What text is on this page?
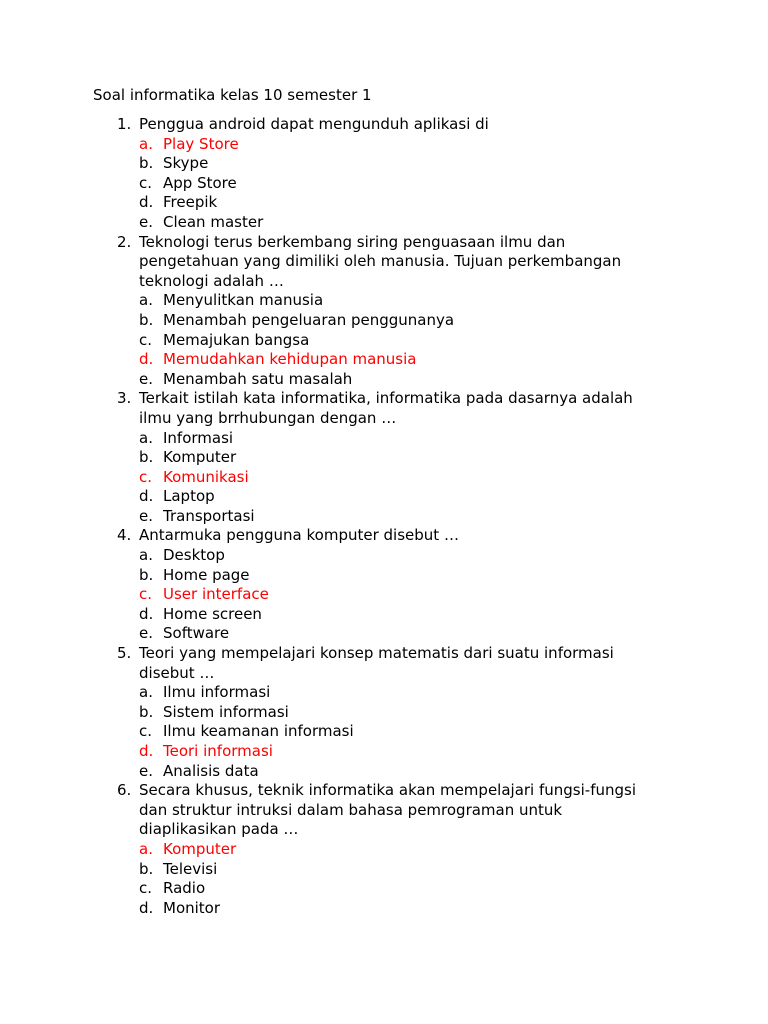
Soal informatika kelas 10 semester 1
1. Penggua android dapat mengunduh aplikasi di
a. Play Store
b. Skype
c. App Store
d. Freepik
e. Clean master
2. Teknologi terus berkembang siring penguasaan ilmu dan
pengetahuan yang dimiliki oleh manusia. Tujuan perkembangan
teknologi adalah …
a. Menyulitkan manusia
b. Menambah pengeluaran penggunanya
c. Memajukan bangsa
d. Memudahkan kehidupan manusia
e. Menambah satu masalah
3. Terkait istilah kata informatika, informatika pada dasarnya adalah
ilmu yang brrhubungan dengan …
a. Informasi
b. Komputer
c. Komunikasi
d. Laptop
e. Transportasi
4. Antarmuka pengguna komputer disebut …
a. Desktop
b. Home page
c. User interface
d. Home screen
e. Software
5. Teori yang mempelajari konsep matematis dari suatu informasi
disebut …
a. Ilmu informasi
b. Sistem informasi
c. Ilmu keamanan informasi
d. Teori informasi
e. Analisis data
6. Secara khusus, teknik informatika akan mempelajari fungsi-fungsi
dan struktur intruksi dalam bahasa pemrograman untuk
diaplikasikan pada …
a. Komputer
b. Televisi
c. Radio
d. Monitor
